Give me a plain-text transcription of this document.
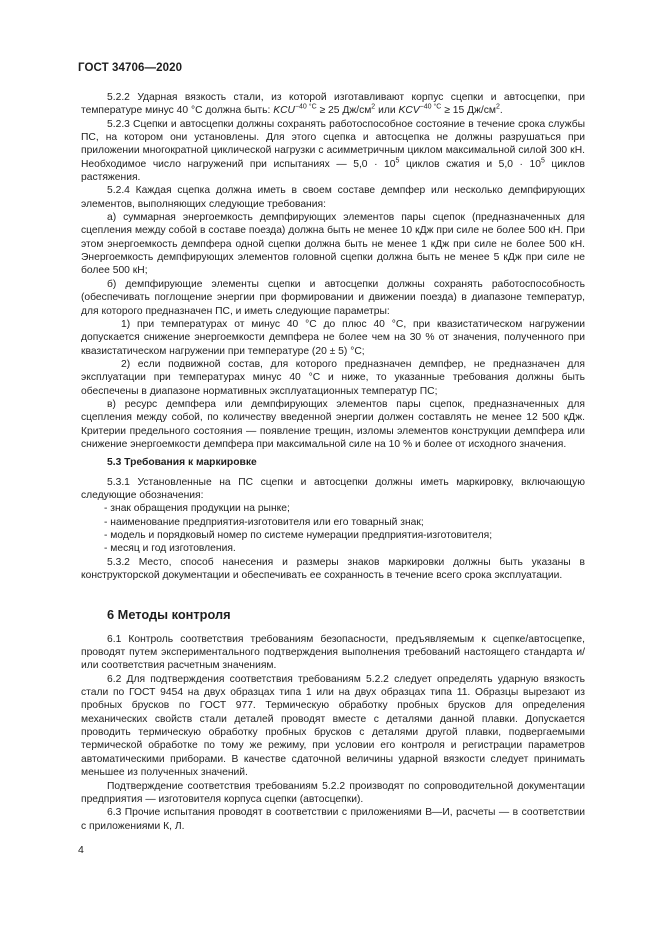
ГОСТ 34706—2020

5.2.2 Ударная вязкость стали, из которой изготавливают корпус сцепки и автосцепки, при температуре минус 40 °С должна быть: $KCU^{-40 ^\circ С} \ge 25$ $Дж/см^2$ или $KCV^{-40 ^\circ С} \ge 15$ $Дж/см^2$.

5.2.3 Сцепки и автосцепки должны сохранять работоспособное состояние в течение срока службы ПС, на котором они установлены. Для этого сцепка и автосцепка не должны разрушаться при приложении многократной циклической нагрузки с асимметричным циклом максимальной силой 300 кН. Необходимое число нагружений при испытаниях — $5,0 \cdot 10^5$ циклов сжатия и $5,0 \cdot 10^5$ циклов растяжения.

5.2.4 Каждая сцепка должна иметь в своем составе демпфер или несколько демпфирующих элементов, выполняющих следующие требования:

а) суммарная энергоемкость демпфирующих элементов пары сцепок (предназначенных для сцепления между собой в составе поезда) должна быть не менее 10 кДж при силе не более 500 кН. При этом энергоемкость демпфера одной сцепки должна быть не менее 1 кДж при силе не более 500 кН. Энергоемкость демпфирующих элементов головной сцепки должна быть не менее 5 кДж при силе не более 500 кН;

б) демпфирующие элементы сцепки и автосцепки должны сохранять работоспособность (обеспечивать поглощение энергии при формировании и движении поезда) в диапазоне температур, для которого предназначен ПС, и иметь следующие параметры:

1) при температурах от минус 40 °С до плюс 40 °С, при квазистатическом нагружении допускается снижение энергоемкости демпфера не более чем на 30 % от значения, полученного при квазистатическом нагружении при температуре (20 ± 5) °С;

2) если подвижной состав, для которого предназначен демпфер, не предназначен для эксплуатации при температурах минус 40 °С и ниже, то указанные требования должны быть обеспечены в диапазоне нормативных эксплуатационных температур ПС;

в) ресурс демпфера или демпфирующих элементов пары сцепок, предназначенных для сцепления между собой, по количеству введенной энергии должен составлять не менее 12 500 кДж. Критерии предельного состояния — появление трещин, изломы элементов конструкции демпфера или снижение энергоемкости демпфера при максимальной силе на 10 % и более от исходного значения.

5.3 Требования к маркировке

5.3.1 Установленные на ПС сцепки и автосцепки должны иметь маркировку, включающую следующие обозначения:

- знак обращения продукции на рынке;
- наименование предприятия-изготовителя или его товарный знак;
- модель и порядковый номер по системе нумерации предприятия-изготовителя;
- месяц и год изготовления.

5.3.2 Место, способ нанесения и размеры знаков маркировки должны быть указаны в конструкторской документации и обеспечивать ее сохранность в течение всего срока эксплуатации.

6 Методы контроля

6.1 Контроль соответствия требованиям безопасности, предъявляемым к сцепке/автосцепке, проводят путем экспериментального подтверждения выполнения требований настоящего стандарта и/или соответствия расчетным значениям.

6.2 Для подтверждения соответствия требованиям 5.2.2 следует определять ударную вязкость стали по ГОСТ 9454 на двух образцах типа 1 или на двух образцах типа 11. Образцы вырезают из пробных брусков по ГОСТ 977. Термическую обработку пробных брусков для определения механических свойств стали деталей проводят вместе с деталями данной плавки. Допускается проводить термическую обработку пробных брусков с деталями другой плавки, подвергаемыми термической обработке по тому же режиму, при условии его контроля и регистрации параметров автоматическими приборами. В качестве сдаточной величины ударной вязкости следует принимать меньшее из полученных значений.

Подтверждение соответствия требованиям 5.2.2 производят по сопроводительной документации предприятия — изготовителя корпуса сцепки (автосцепки).

6.3 Прочие испытания проводят в соответствии с приложениями В—И, расчеты — в соответствии с приложениями К, Л.

4
